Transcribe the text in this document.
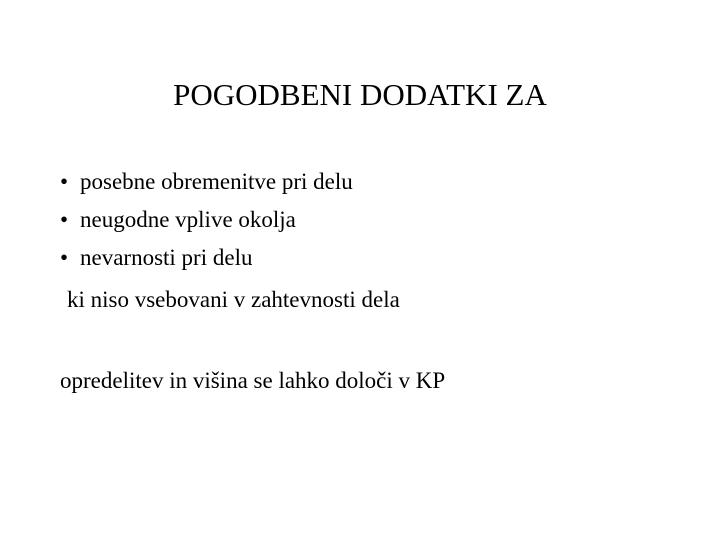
POGODBENI DODATKI ZA
• posebne obremenitve pri delu
• neugodne vplive okolja
• nevarnosti pri delu
ki niso vsebovani v zahtevnosti dela
opredelitev in višina se lahko določi v KP
